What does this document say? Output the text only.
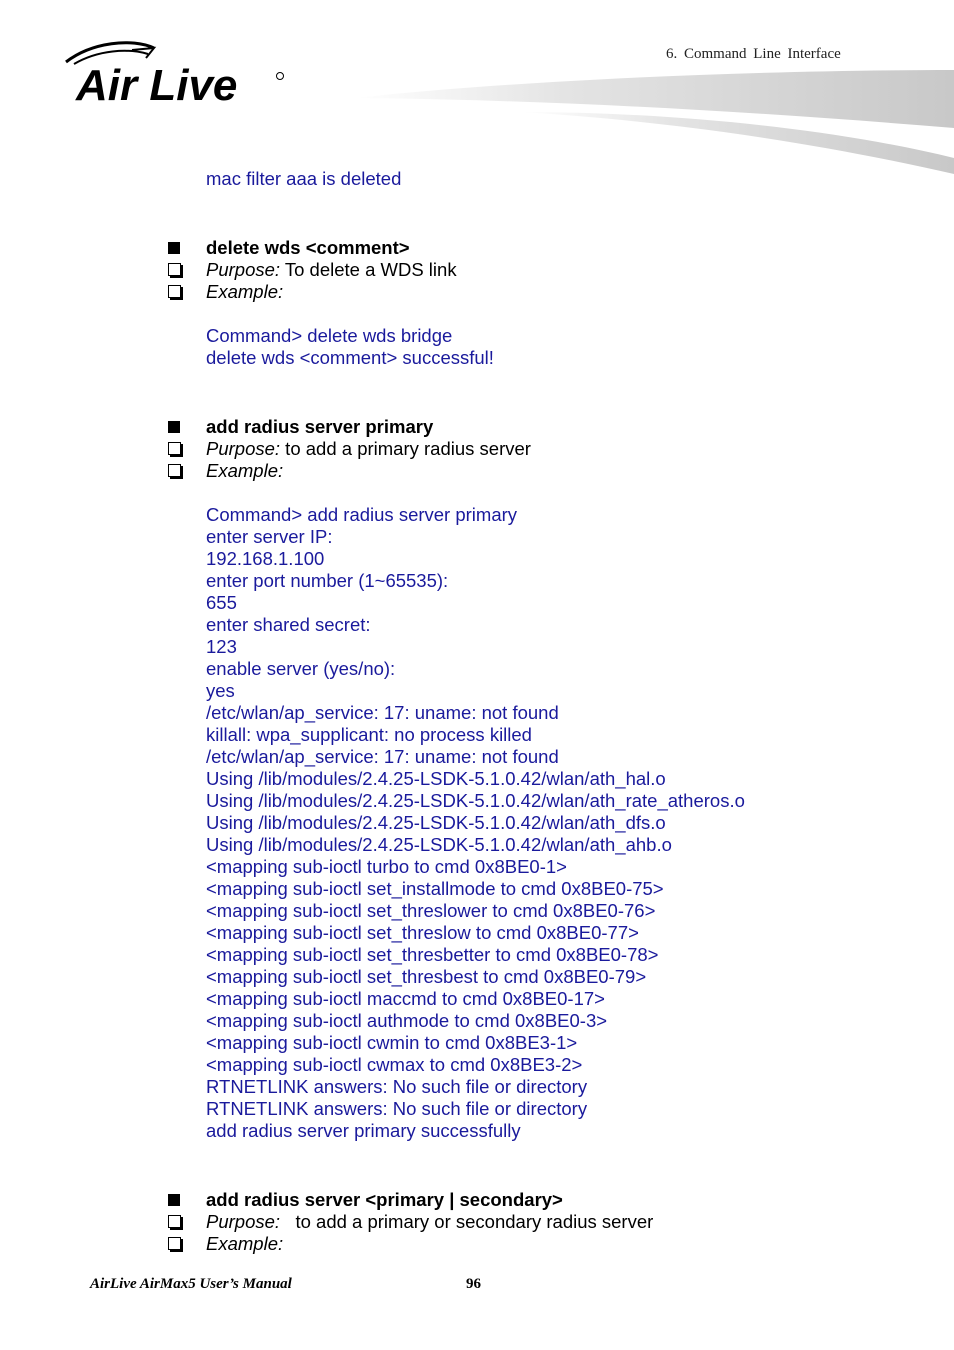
Air Live
6. Command Line Interface
mac filter aaa is deleted
delete wds <comment>
Purpose: To delete a WDS link
Example:
Command> delete wds bridge
delete wds <comment> successful!
add radius server primary
Purpose: to add a primary radius server
Example:
Command> add radius server primary
enter server IP:
192.168.1.100
enter port number (1~65535):
655
enter shared secret:
123
enable server (yes/no):
yes
/etc/wlan/ap_service: 17: uname: not found
killall: wpa_supplicant: no process killed
/etc/wlan/ap_service: 17: uname: not found
Using /lib/modules/2.4.25-LSDK-5.1.0.42/wlan/ath_hal.o
Using /lib/modules/2.4.25-LSDK-5.1.0.42/wlan/ath_rate_atheros.o
Using /lib/modules/2.4.25-LSDK-5.1.0.42/wlan/ath_dfs.o
Using /lib/modules/2.4.25-LSDK-5.1.0.42/wlan/ath_ahb.o
<mapping sub-ioctl turbo to cmd 0x8BE0-1>
<mapping sub-ioctl set_installmode to cmd 0x8BE0-75>
<mapping sub-ioctl set_threslower to cmd 0x8BE0-76>
<mapping sub-ioctl set_threslow to cmd 0x8BE0-77>
<mapping sub-ioctl set_thresbetter to cmd 0x8BE0-78>
<mapping sub-ioctl set_thresbest to cmd 0x8BE0-79>
<mapping sub-ioctl maccmd to cmd 0x8BE0-17>
<mapping sub-ioctl authmode to cmd 0x8BE0-3>
<mapping sub-ioctl cwmin to cmd 0x8BE3-1>
<mapping sub-ioctl cwmax to cmd 0x8BE3-2>
RTNETLINK answers: No such file or directory
RTNETLINK answers: No such file or directory
add radius server primary successfully
add radius server <primary | secondary>
Purpose:   to add a primary or secondary radius server
Example:
AirLive AirMax5 User’s Manual	96
